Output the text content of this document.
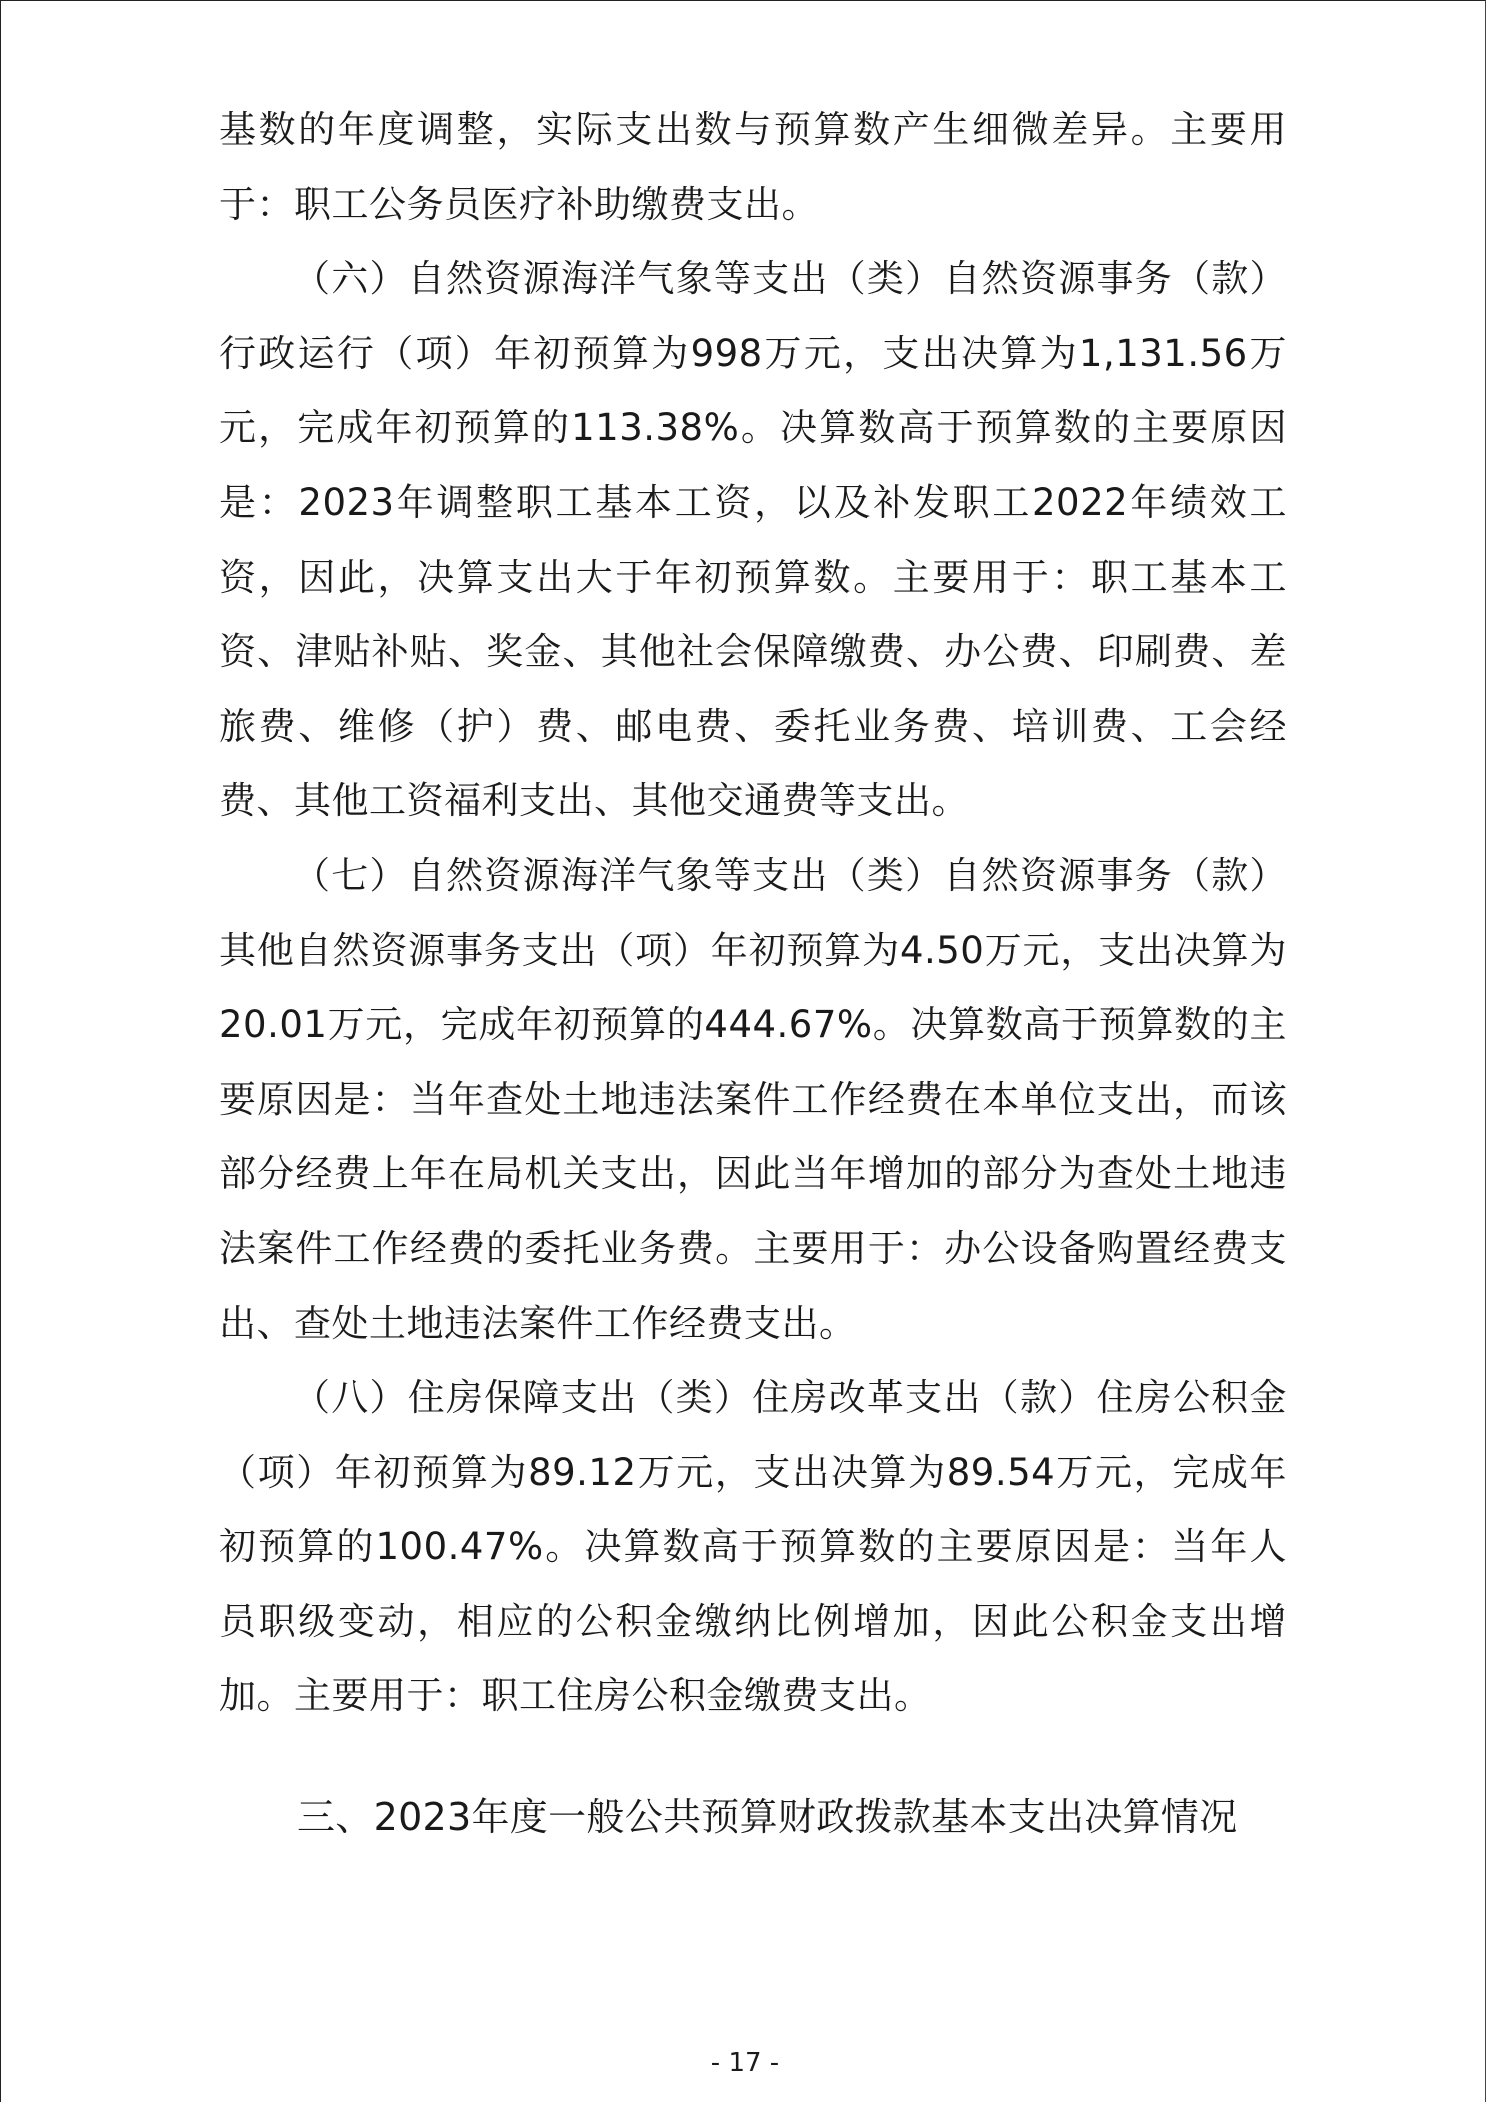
基数的年度调整，实际支出数与预算数产生细微差异。主要用于：职工公务员医疗补助缴费支出。

（六）自然资源海洋气象等支出（类）自然资源事务（款）行政运行（项）年初预算为998万元，支出决算为1,131.56万元，完成年初预算的113.38%。决算数高于预算数的主要原因是：2023年调整职工基本工资，以及补发职工2022年绩效工资，因此，决算支出大于年初预算数。主要用于：职工基本工资、津贴补贴、奖金、其他社会保障缴费、办公费、印刷费、差旅费、维修（护）费、邮电费、委托业务费、培训费、工会经费、其他工资福利支出、其他交通费等支出。

（七）自然资源海洋气象等支出（类）自然资源事务（款）其他自然资源事务支出（项）年初预算为4.50万元，支出决算为20.01万元，完成年初预算的444.67%。决算数高于预算数的主要原因是：当年查处土地违法案件工作经费在本单位支出，而该部分经费上年在局机关支出，因此当年增加的部分为查处土地违法案件工作经费的委托业务费。主要用于：办公设备购置经费支出、查处土地违法案件工作经费支出。

（八）住房保障支出（类）住房改革支出（款）住房公积金（项）年初预算为89.12万元，支出决算为89.54万元，完成年初预算的100.47%。决算数高于预算数的主要原因是：当年人员职级变动，相应的公积金缴纳比例增加，因此公积金支出增加。主要用于：职工住房公积金缴费支出。

三、2023年度一般公共预算财政拨款基本支出决算情况
- 17 -
